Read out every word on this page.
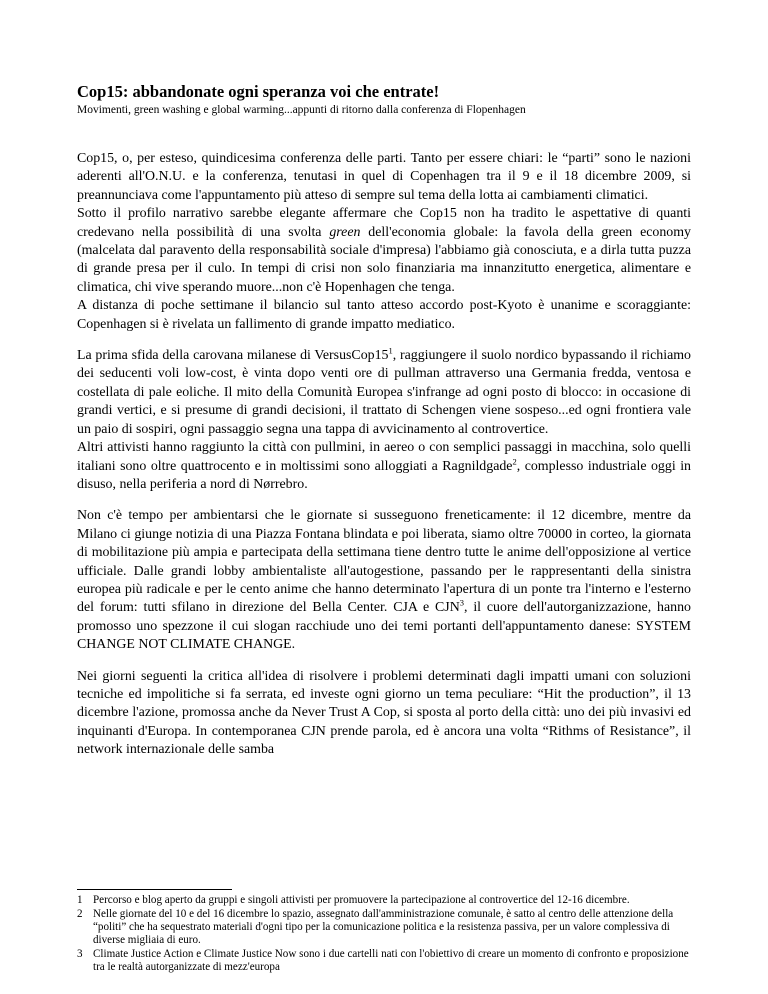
Cop15: abbandonate ogni speranza voi che entrate!

Movimenti, green washing e global warming...appunti di ritorno dalla conferenza di Flopenhagen

Cop15, o, per esteso, quindicesima conferenza delle parti. Tanto per essere chiari: le “parti” sono le nazioni aderenti all'O.N.U. e la conferenza, tenutasi in quel di Copenhagen tra il 9 e il 18 dicembre 2009, si preannunciava come l'appuntamento più atteso di sempre sul tema della lotta ai cambiamenti climatici.

Sotto il profilo narrativo sarebbe elegante affermare che Cop15 non ha tradito le aspettative di quanti credevano nella possibilità di una svolta green dell'economia globale: la favola della green economy (malcelata dal paravento della responsabilità sociale d'impresa) l'abbiamo già conosciuta, e a dirla tutta puzza di grande presa per il culo. In tempi di crisi non solo finanziaria ma innanzitutto energetica, alimentare e climatica, chi vive sperando muore...non c'è Hopenhagen che tenga.

A distanza di poche settimane il bilancio sul tanto atteso accordo post-Kyoto è unanime e scoraggiante: Copenhagen si è rivelata un fallimento di grande impatto mediatico.

La prima sfida della carovana milanese di $VersusCop15^1$, raggiungere il suolo nordico bypassando il richiamo dei seducenti voli low-cost, è vinta dopo venti ore di pullman attraverso una Germania fredda, ventosa e costellata di pale eoliche. Il mito della Comunità Europea s'infrange ad ogni posto di blocco: in occasione di grandi vertici, e si presume di grandi decisioni, il trattato di Schengen viene sospeso...ed ogni frontiera vale un paio di sospiri, ogni passaggio segna una tappa di avvicinamento al controvertice.

Altri attivisti hanno raggiunto la città con pullmini, in aereo o con semplici passaggi in macchina, solo quelli italiani sono oltre quattrocento e in moltissimi sono alloggiati a Ragnildgade$^2$, complesso industriale oggi in disuso, nella periferia a nord di Nørrebro.

Non c'è tempo per ambientarsi che le giornate si susseguono freneticamente: il 12 dicembre, mentre da Milano ci giunge notizia di una Piazza Fontana blindata e poi liberata, siamo oltre 70000 in corteo, la giornata di mobilitazione più ampia e partecipata della settimana tiene dentro tutte le anime dell'opposizione al vertice ufficiale. Dalle grandi lobby ambientaliste all'autogestione, passando per le rappresentanti della sinistra europea più radicale e per le cento anime che hanno determinato l'apertura di un ponte tra l'interno e l'esterno del forum: tutti sfilano in direzione del Bella Center. CJA e CJN$^3$, il cuore dell'autorganizzazione, hanno promosso uno spezzone il cui slogan racchiude uno dei temi portanti dell'appuntamento danese: SYSTEM CHANGE NOT CLIMATE CHANGE.

Nei giorni seguenti la critica all'idea di risolvere i problemi determinati dagli impatti umani con soluzioni tecniche ed impolitiche si fa serrata, ed investe ogni giorno un tema peculiare: “Hit the production”, il 13 dicembre l'azione, promossa anche da Never Trust A Cop, si sposta al porto della città: uno dei più invasivi ed inquinanti d'Europa. In contemporanea CJN prende parola, ed è ancora una volta “Rithms of Resistance”, il network internazionale delle samba

1 Percorso e blog aperto da gruppi e singoli attivisti per promuovere la partecipazione al controvertice del 12-16 dicembre.
2 Nelle giornate del 10 e del 16 dicembre lo spazio, assegnato dall'amministrazione comunale, è satto al centro delle attenzione della “politi” che ha sequestrato materiali d'ogni tipo per la comunicazione politica e la resistenza passiva, per un valore complessiva di diverse migliaia di euro.
3 Climate Justice Action e Climate Justice Now sono i due cartelli nati con l'obiettivo di creare un momento di confronto e proposizione tra le realtà autorganizzate di mezz'europa
